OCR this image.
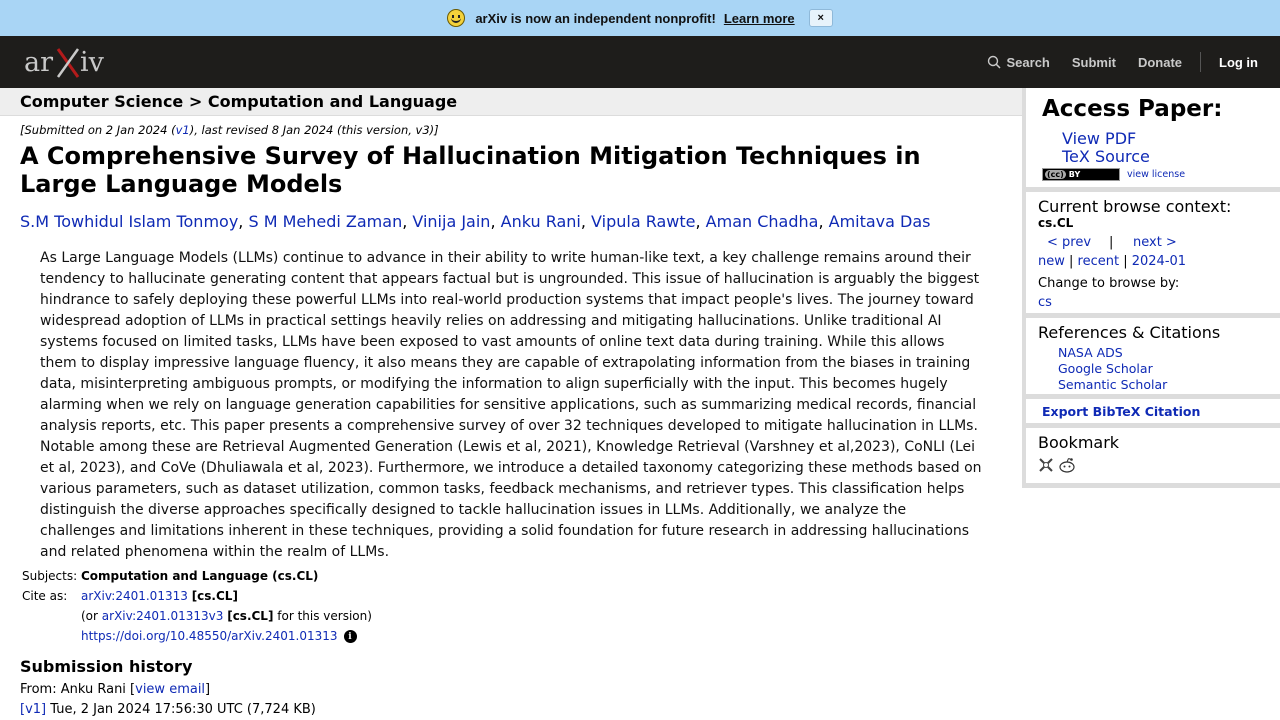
arXiv is now an independent nonprofit! Learn more	×
ar iv	Search Submit Donate	Log in
Computer Science > Computation and Language
[Submitted on 2 Jan 2024 (v1), last revised 8 Jan 2024 (this version, v3)]
A Comprehensive Survey of Hallucination Mitigation Techniques in Large Language Models
S.M Towhidul Islam Tonmoy, S M Mehedi Zaman, Vinija Jain, Anku Rani, Vipula Rawte, Aman Chadha, Amitava Das

As Large Language Models (LLMs) continue to advance in their ability to write human-like text, a key challenge remains around their tendency to hallucinate generating content that appears factual but is ungrounded. This issue of hallucination is arguably the biggest hindrance to safely deploying these powerful LLMs into real-world production systems that impact people's lives. The journey toward widespread adoption of LLMs in practical settings heavily relies on addressing and mitigating hallucinations. Unlike traditional AI systems focused on limited tasks, LLMs have been exposed to vast amounts of online text data during training. While this allows them to display impressive language fluency, it also means they are capable of extrapolating information from the biases in training data, misinterpreting ambiguous prompts, or modifying the information to align superficially with the input. This becomes hugely alarming when we rely on language generation capabilities for sensitive applications, such as summarizing medical records, financial analysis reports, etc. This paper presents a comprehensive survey of over 32 techniques developed to mitigate hallucination in LLMs. Notable among these are Retrieval Augmented Generation (Lewis et al, 2021), Knowledge Retrieval (Varshney et al,2023), CoNLI (Lei et al, 2023), and CoVe (Dhuliawala et al, 2023). Furthermore, we introduce a detailed taxonomy categorizing these methods based on various parameters, such as dataset utilization, common tasks, feedback mechanisms, and retriever types. This classification helps distinguish the diverse approaches specifically designed to tackle hallucination issues in LLMs. Additionally, we analyze the challenges and limitations inherent in these techniques, providing a solid foundation for future research in addressing hallucinations and related phenomena within the realm of LLMs.

Subjects: Computation and Language (cs.CL)
Cite as:	arXiv:2401.01313 [cs.CL]
(or arXiv:2401.01313v3 [cs.CL] for this version)
https://doi.org/10.48550/arXiv.2401.01313 i
Submission history
From: Anku Rani [view email]
[v1] Tue, 2 Jan 2024 17:56:30 UTC (7,724 KB)
Access Paper:
View PDF
TeX Source
(cc) BY	view license
Current browse context:
cs.CL
< prev | next >
new | recent | 2024-01
Change to browse by:
cs
References & Citations
NASA ADS
Google Scholar
Semantic Scholar
Export BibTeX Citation
Bookmark
